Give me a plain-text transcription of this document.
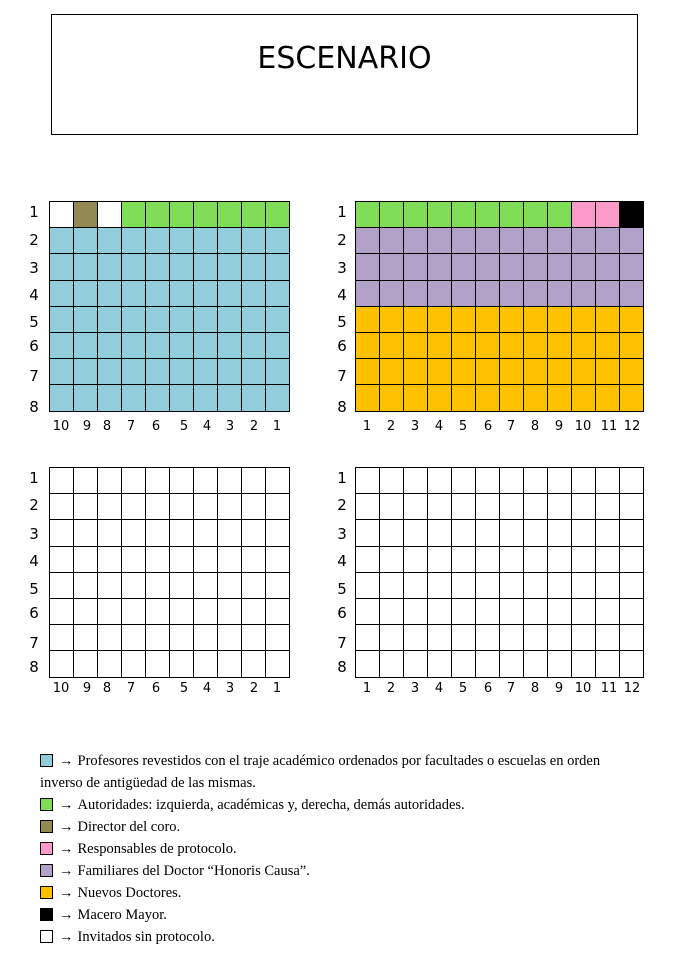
ESCENARIO
1
2
3
4
5
6
7
8
10	9 8	7	6	5	4	3	2	1
1
2
3
4
5
6
7
8
1	2	3	4	5	6	7	8	9 10 11 12
1
2
3
4
5
6
7
8
10	9 8	7	6	5	4	3	2	1
1
2
3
4
5
6
7
8
1	2	3	4	5	6	7	8	9 10 11 12
→ Profesores revestidos con el traje académico ordenados por facultades o escuelas en orden inverso de antigüedad de las mismas.
→ Autoridades: izquierda, académicas y, derecha, demás autoridades.
→ Director del coro.
→ Responsables de protocolo.
→ Familiares del Doctor “Honoris Causa”.
→ Nuevos Doctores.
→ Macero Mayor.
→ Invitados sin protocolo.
